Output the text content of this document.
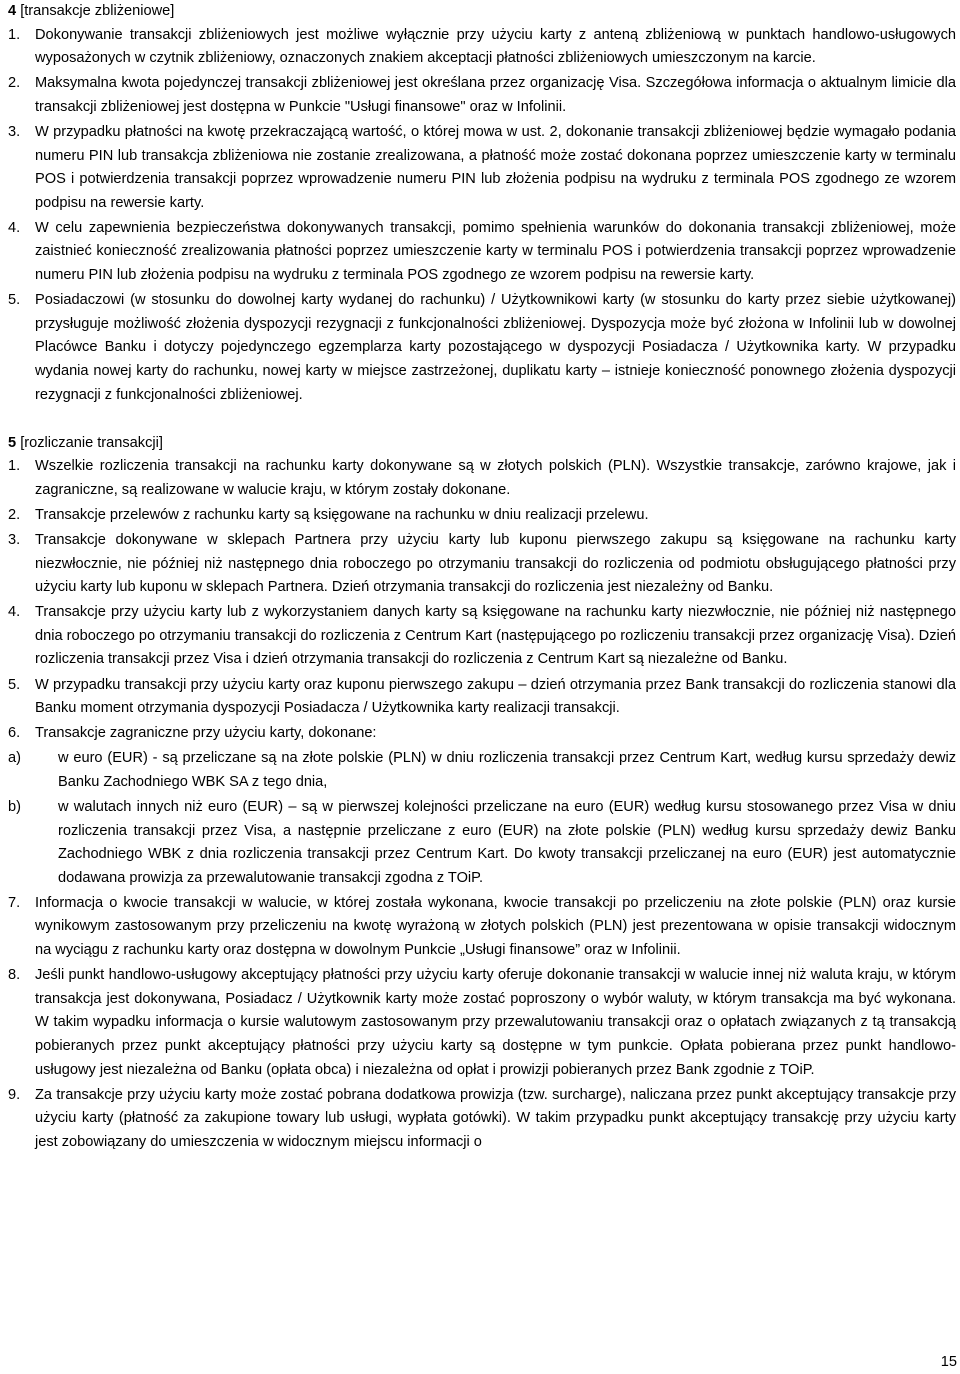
4 [transakcje zbliżeniowe]

1. Dokonywanie transakcji zbliżeniowych jest możliwe wyłącznie przy użyciu karty z anteną zbliżeniową w punktach handlowo-usługowych wyposażonych w czytnik zbliżeniowy, oznaczonych znakiem akceptacji płatności zbliżeniowych umieszczonym na karcie.
2. Maksymalna kwota pojedynczej transakcji zbliżeniowej jest określana przez organizację Visa. Szczegółowa informacja o aktualnym limicie dla transakcji zbliżeniowej jest dostępna w Punkcie "Usługi finansowe" oraz w Infolinii.
3. W przypadku płatności na kwotę przekraczającą wartość, o której mowa w ust. 2, dokonanie transakcji zbliżeniowej będzie wymagało podania numeru PIN lub transakcja zbliżeniowa nie zostanie zrealizowana, a płatność może zostać dokonana poprzez umieszczenie karty w terminalu POS i potwierdzenia transakcji poprzez wprowadzenie numeru PIN lub złożenia podpisu na wydruku z terminala POS zgodnego ze wzorem podpisu na rewersie karty.
4. W celu zapewnienia bezpieczeństwa dokonywanych transakcji, pomimo spełnienia warunków do dokonania transakcji zbliżeniowej, może zaistnieć konieczność zrealizowania płatności poprzez umieszczenie karty w terminalu POS i potwierdzenia transakcji poprzez wprowadzenie numeru PIN lub złożenia podpisu na wydruku z terminala POS zgodnego ze wzorem podpisu na rewersie karty.
5. Posiadaczowi (w stosunku do dowolnej karty wydanej do rachunku) / Użytkownikowi karty (w stosunku do karty przez siebie użytkowanej) przysługuje możliwość złożenia dyspozycji rezygnacji z funkcjonalności zbliżeniowej. Dyspozycja może być złożona w Infolinii lub w dowolnej Placówce Banku i dotyczy pojedynczego egzemplarza karty pozostającego w dyspozycji Posiadacza / Użytkownika karty. W przypadku wydania nowej karty do rachunku, nowej karty w miejsce zastrzeżonej, duplikatu karty – istnieje konieczność ponownego złożenia dyspozycji rezygnacji z funkcjonalności zbliżeniowej.

5 [rozliczanie transakcji]

1. Wszelkie rozliczenia transakcji na rachunku karty dokonywane są w złotych polskich (PLN). Wszystkie transakcje, zarówno krajowe, jak i zagraniczne, są realizowane w walucie kraju, w którym zostały dokonane.
2. Transakcje przelewów z rachunku karty są księgowane na rachunku w dniu realizacji przelewu.
3. Transakcje dokonywane w sklepach Partnera przy użyciu karty lub kuponu pierwszego zakupu są księgowane na rachunku karty niezwłocznie, nie później niż następnego dnia roboczego po otrzymaniu transakcji do rozliczenia od podmiotu obsługującego płatności przy użyciu karty lub kuponu w sklepach Partnera. Dzień otrzymania transakcji do rozliczenia jest niezależny od Banku.
4. Transakcje przy użyciu karty lub z wykorzystaniem danych karty są księgowane na rachunku karty niezwłocznie, nie później niż następnego dnia roboczego po otrzymaniu transakcji do rozliczenia z Centrum Kart (następującego po rozliczeniu transakcji przez organizację Visa). Dzień rozliczenia transakcji przez Visa i dzień otrzymania transakcji do rozliczenia z Centrum Kart są niezależne od Banku.
5. W przypadku transakcji przy użyciu karty oraz kuponu pierwszego zakupu – dzień otrzymania przez Bank transakcji do rozliczenia stanowi dla Banku moment otrzymania dyspozycji Posiadacza / Użytkownika karty realizacji transakcji.
6. Transakcje zagraniczne przy użyciu karty, dokonane:
a)	w euro (EUR) - są przeliczane są na złote polskie (PLN) w dniu rozliczenia transakcji przez Centrum Kart, według kursu sprzedaży dewiz Banku Zachodniego WBK SA z tego dnia,
b)	w walutach innych niż euro (EUR) – są w pierwszej kolejności przeliczane na euro (EUR) według kursu stosowanego przez Visa w dniu rozliczenia transakcji przez Visa, a następnie przeliczane z euro (EUR) na złote polskie (PLN) według kursu sprzedaży dewiz Banku Zachodniego WBK z dnia rozliczenia transakcji przez Centrum Kart. Do kwoty transakcji przeliczanej na euro (EUR) jest automatycznie dodawana prowizja za przewalutowanie transakcji zgodna z TOiP.
7. Informacja o kwocie transakcji w walucie, w której została wykonana, kwocie transakcji po przeliczeniu na złote polskie (PLN) oraz kursie wynikowym zastosowanym przy przeliczeniu na kwotę wyrażoną w złotych polskich (PLN) jest prezentowana w opisie transakcji widocznym na wyciągu z rachunku karty oraz dostępna w dowolnym Punkcie „Usługi finansowe” oraz w Infolinii.
8. Jeśli punkt handlowo-usługowy akceptujący płatności przy użyciu karty oferuje dokonanie transakcji w walucie innej niż waluta kraju, w którym transakcja jest dokonywana, Posiadacz / Użytkownik karty może zostać poproszony o wybór waluty, w którym transakcja ma być wykonana. W takim wypadku informacja o kursie walutowym zastosowanym przy przewalutowaniu transakcji oraz o opłatach związanych z tą transakcją pobieranych przez punkt akceptujący płatności przy użyciu karty są dostępne w tym punkcie. Opłata pobierana przez punkt handlowo-usługowy jest niezależna od Banku (opłata obca) i niezależna od opłat i prowizji pobieranych przez Bank zgodnie z TOiP.
9. Za transakcje przy użyciu karty może zostać pobrana dodatkowa prowizja (tzw. surcharge), naliczana przez punkt akceptujący transakcje przy użyciu karty (płatność za zakupione towary lub usługi, wypłata gotówki). W takim przypadku punkt akceptujący transakcję przy użyciu karty jest zobowiązany do umieszczenia w widocznym miejscu informacji o
15
